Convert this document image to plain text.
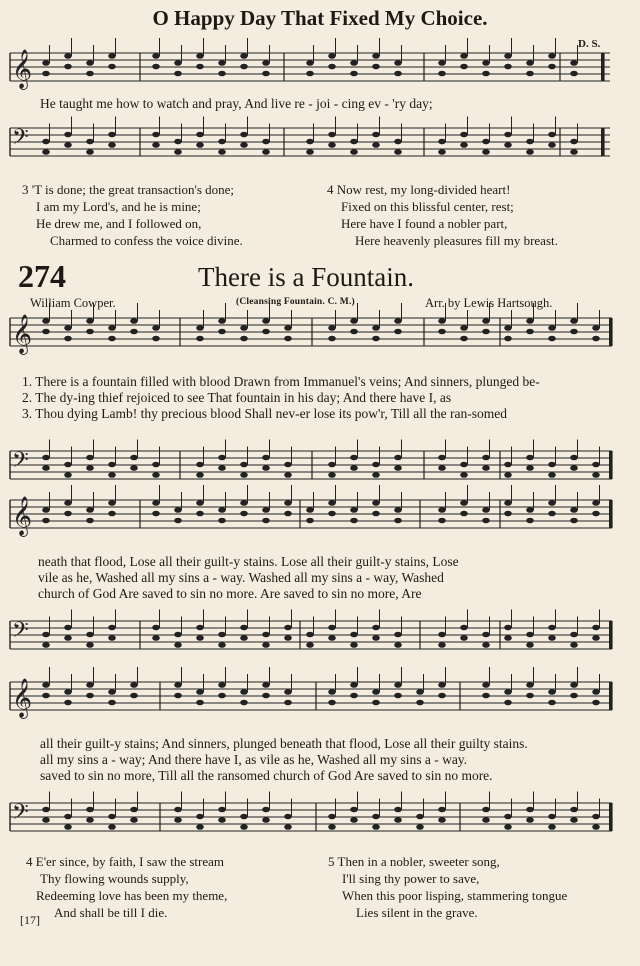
O Happy Day That Fixed My Choice.
D. S.
𝄞
𝄢
𝄞
𝄢
𝄞
𝄢
𝄞
𝄢
He taught me how to watch and pray, And live re - joi - cing ev - 'ry day;
3 'T is done; the great transaction's done;
I am my Lord's, and he is mine;
He drew me, and I followed on,
Charmed to confess the voice divine.
4 Now rest, my long-divided heart!
Fixed on this blissful center, rest;
Here have I found a nobler part,
Here heavenly pleasures fill my breast.
274	There is a Fountain.
William Cowper.	(Cleansing Fountain. C. M.)	Arr. by Lewis Hartsough.
1. There is a fountain filled with blood Drawn from Immanuel's veins; And sinners, plunged be-
2. The dy-ing thief rejoiced to see That fountain in his day; And there have I, as
3. Thou dying Lamb! thy precious blood Shall nev-er lose its pow'r, Till all the ran-somed
neath that flood, Lose all their guilt-y stains. Lose all their guilt-y stains, Lose
vile as he, Washed all my sins a - way. Washed all my sins a - way, Washed
church of God Are saved to sin no more. Are saved to sin no more, Are
all their guilt-y stains; And sinners, plunged beneath that flood, Lose all their guilty stains.
all my sins a - way; And there have I, as vile as he, Washed all my sins a - way.
saved to sin no more, Till all the ransomed church of God Are saved to sin no more.
4 E'er since, by faith, I saw the stream
Thy flowing wounds supply,
Redeeming love has been my theme,
And shall be till I die.
5 Then in a nobler, sweeter song,
I'll sing thy power to save,
When this poor lisping, stammering tongue
Lies silent in the grave.
[17]
